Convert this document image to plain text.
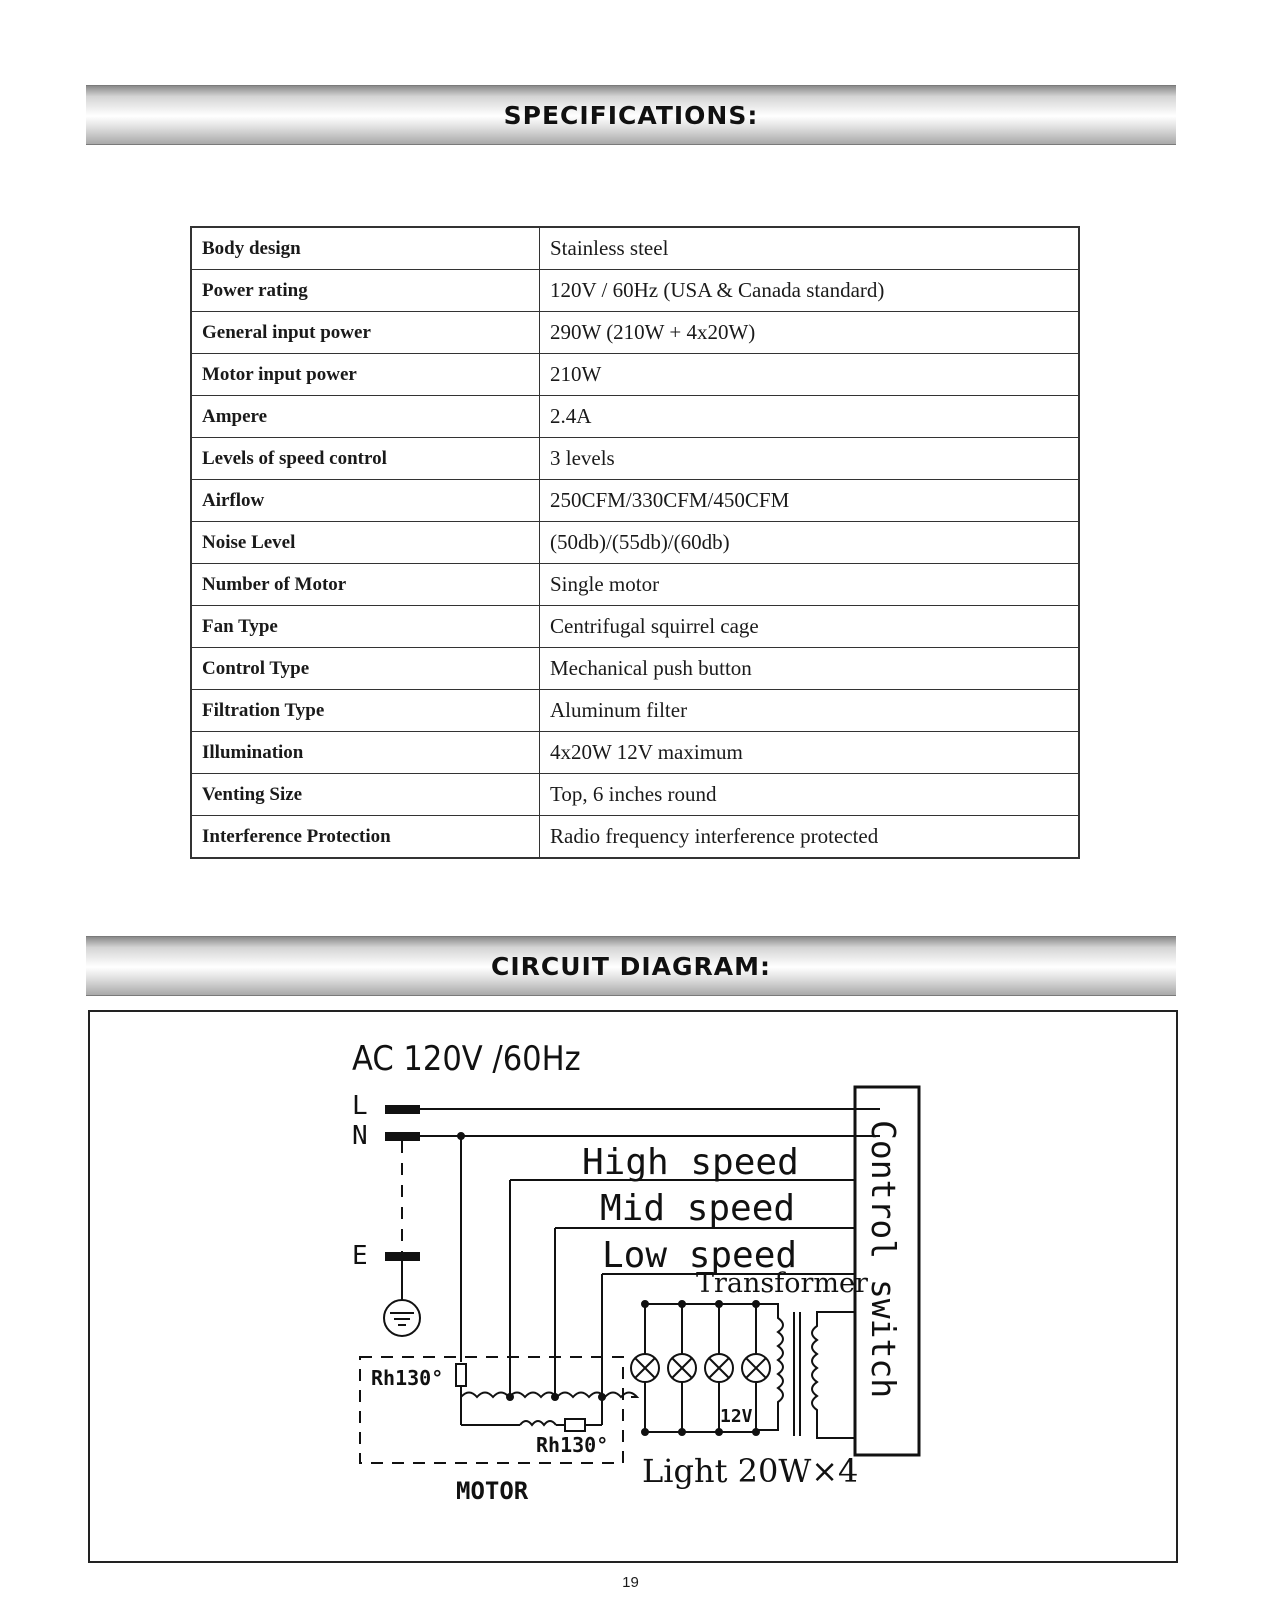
SPECIFICATIONS:
Body design	Stainless steel
Power rating	120V / 60Hz (USA & Canada standard)
General input power	290W (210W + 4x20W)
Motor input power	210W
Ampere	2.4A
Levels of speed control	3 levels
Airflow	250CFM/330CFM/450CFM
Noise Level	(50db)/(55db)/(60db)
Number of Motor	Single motor
Fan Type	Centrifugal squirrel cage
Control Type	Mechanical push button
Filtration Type	Aluminum filter
Illumination	4x20W 12V maximum
Venting Size	Top, 6 inches round
Interference Protection	Radio frequency interference protected
CIRCUIT DIAGRAM:
AC 120V /60Hz
L
N
E	Control switch
High speed
Mid speed
Low speed
Rh130°
Rh130°
MOTOR
Transformer
12V
Light 20W×4
19
